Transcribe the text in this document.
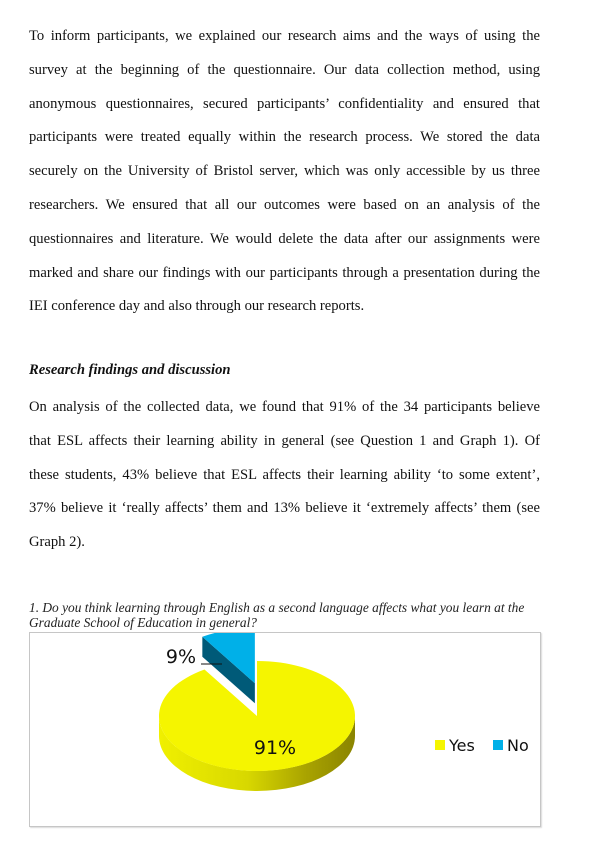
To inform participants, we explained our research aims and the ways of using the
survey at the beginning of the questionnaire. Our data collection method, using
anonymous questionnaires, secured participants’ confidentiality and ensured that
participants were treated equally within the research process. We stored the data
securely on the University of Bristol server, which was only accessible by us three
researchers. We ensured that all our outcomes were based on an analysis of the
questionnaires and literature. We would delete the data after our assignments were
marked and share our findings with our participants through a presentation during the
IEI conference day and also through our research reports.
Research findings and discussion
On analysis of the collected data, we found that 91% of the 34 participants believe
that ESL affects their learning ability in general (see Question 1 and Graph 1). Of
these students, 43% believe that ESL affects their learning ability ‘to some extent’,
37% believe it ‘really affects’ them and 13% believe it ‘extremely affects’ them (see
Graph 2).
1. Do you think learning through English as a second language affects what you learn at the
Graduate School of Education in general?
91%
9%
Yes No
